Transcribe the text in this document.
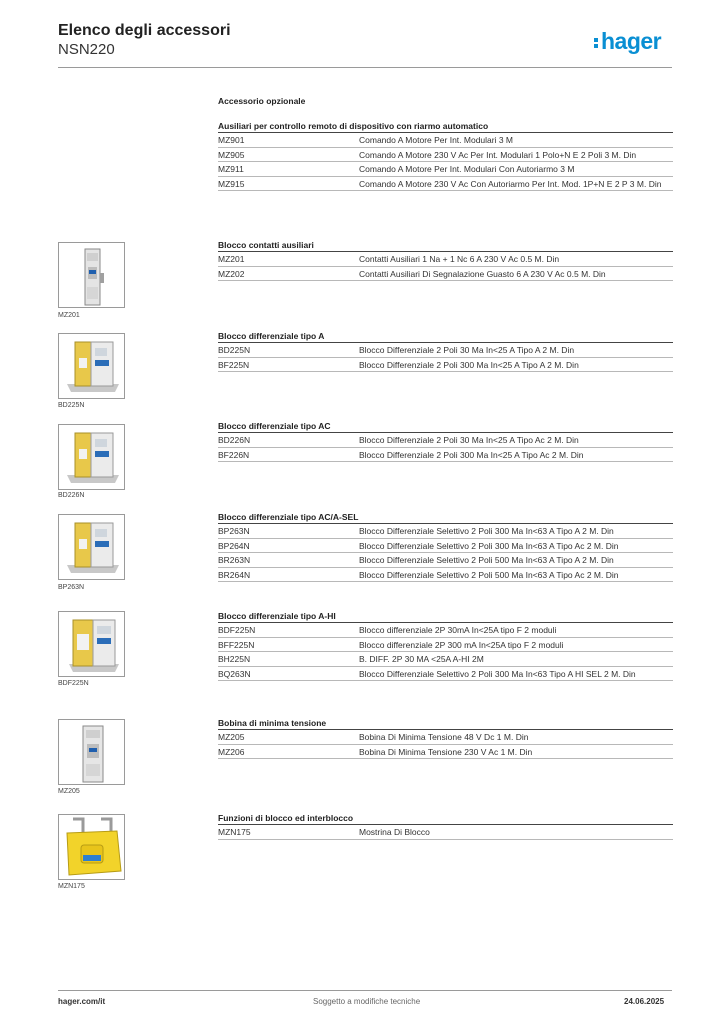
Elenco degli accessori
NSN220	hager
Accessorio opzionale
Ausiliari per controllo remoto di dispositivo con riarmo automatico
MZ901	Comando A Motore Per Int. Modulari 3 M
MZ905	Comando A Motore 230 V Ac Per Int. Modulari 1 Polo+N E 2 Poli 3 M. Din
MZ911	Comando A Motore Per Int. Modulari Con Autoriarmo 3 M
MZ915	Comando A Motore 230 V Ac Con Autoriarmo Per Int. Mod. 1P+N E 2 P 3 M. Din
MZ201
Blocco contatti ausiliari
MZ201	Contatti Ausiliari 1 Na + 1 Nc 6 A 230 V Ac 0.5 M. Din
MZ202	Contatti Ausiliari Di Segnalazione Guasto 6 A 230 V Ac 0.5 M. Din
BD225N
Blocco differenziale tipo A
BD225N	Blocco Differenziale 2 Poli 30 Ma In<25 A Tipo A 2 M. Din
BF225N	Blocco Differenziale 2 Poli 300 Ma In<25 A Tipo A 2 M. Din
BD226N
Blocco differenziale tipo AC
BD226N	Blocco Differenziale 2 Poli 30 Ma In<25 A Tipo Ac 2 M. Din
BF226N	Blocco Differenziale 2 Poli 300 Ma In<25 A Tipo Ac 2 M. Din
BP263N
Blocco differenziale tipo AC/A-SEL
BP263N	Blocco Differenziale Selettivo 2 Poli 300 Ma In<63 A Tipo A 2 M. Din
BP264N	Blocco Differenziale Selettivo 2 Poli 300 Ma In<63 A Tipo Ac 2 M. Din
BR263N	Blocco Differenziale Selettivo 2 Poli 500 Ma In<63 A Tipo A 2 M. Din
BR264N	Blocco Differenziale Selettivo 2 Poli 500 Ma In<63 A Tipo Ac 2 M. Din
BDF225N
Blocco differenziale tipo A-HI
BDF225N	Blocco differenziale 2P 30mA In<25A tipo F 2 moduli
BFF225N	Blocco differenziale 2P 300 mA In<25A tipo F 2 moduli
BH225N	B. DIFF. 2P 30 MA <25A A-HI 2M
BQ263N	Blocco Differenziale Selettivo 2 Poli 300 Ma In<63 Tipo A HI SEL 2 M. Din
MZ205
Bobina di minima tensione
MZ205	Bobina Di Minima Tensione 48 V Dc 1 M. Din
MZ206	Bobina Di Minima Tensione 230 V Ac 1 M. Din
MZN175
Funzioni di blocco ed interblocco
MZN175	Mostrina Di Blocco
hager.com/it	Soggetto a modifiche tecniche	24.06.2025
